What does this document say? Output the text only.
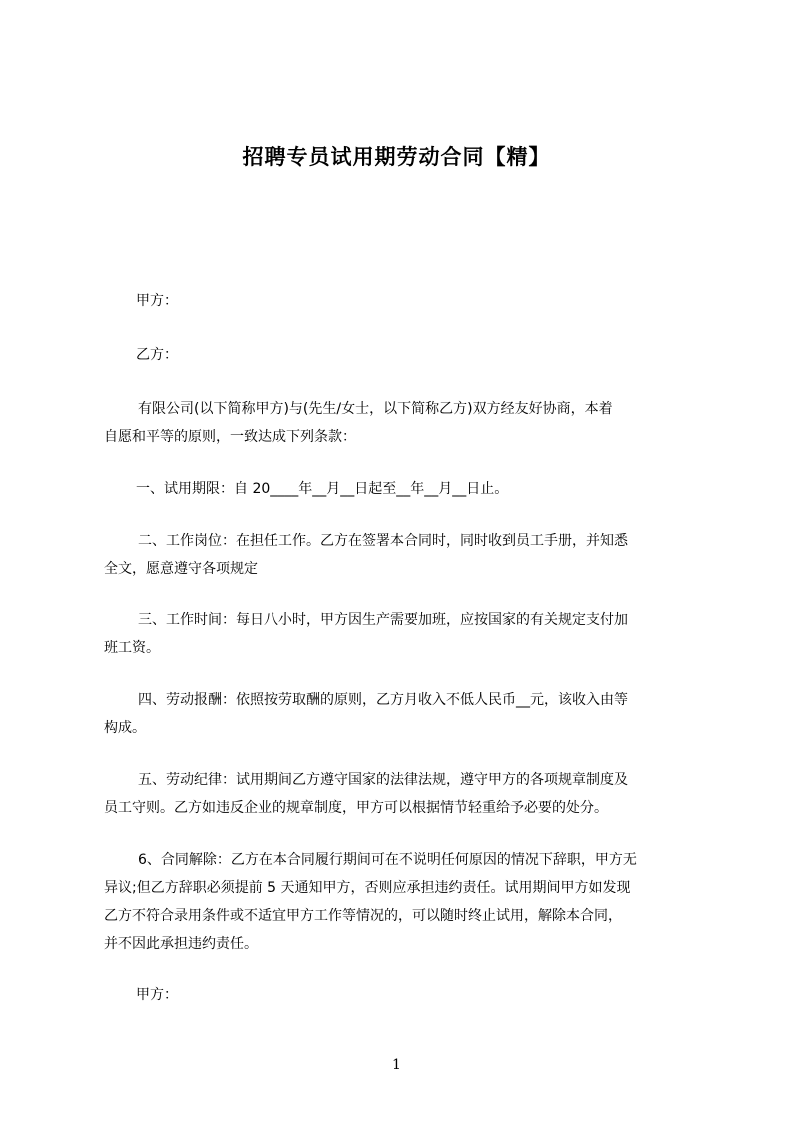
招聘专员试用期劳动合同【精】
甲方：
乙方：
有限公司(以下简称甲方)与(先生/女士，以下简称乙方)双方经友好协商，本着
自愿和平等的原则，一致达成下列条款：
一、试用期限：自 20____年__月__日起至__年__月__日止。
二、工作岗位：在担任工作。乙方在签署本合同时，同时收到员工手册，并知悉
全文，愿意遵守各项规定
三、工作时间：每日八小时，甲方因生产需要加班，应按国家的有关规定支付加
班工资。
四、劳动报酬：依照按劳取酬的原则，乙方月收入不低人民币__元，该收入由等
构成。
五、劳动纪律：试用期间乙方遵守国家的法律法规，遵守甲方的各项规章制度及
员工守则。乙方如违反企业的规章制度，甲方可以根据情节轻重给予必要的处分。
6、合同解除：乙方在本合同履行期间可在不说明任何原因的情况下辞职，甲方无
异议;但乙方辞职必须提前 5 天通知甲方，否则应承担违约责任。试用期间甲方如发现
乙方不符合录用条件或不适宜甲方工作等情况的，可以随时终止试用，解除本合同，
并不因此承担违约责任。
甲方：
1
